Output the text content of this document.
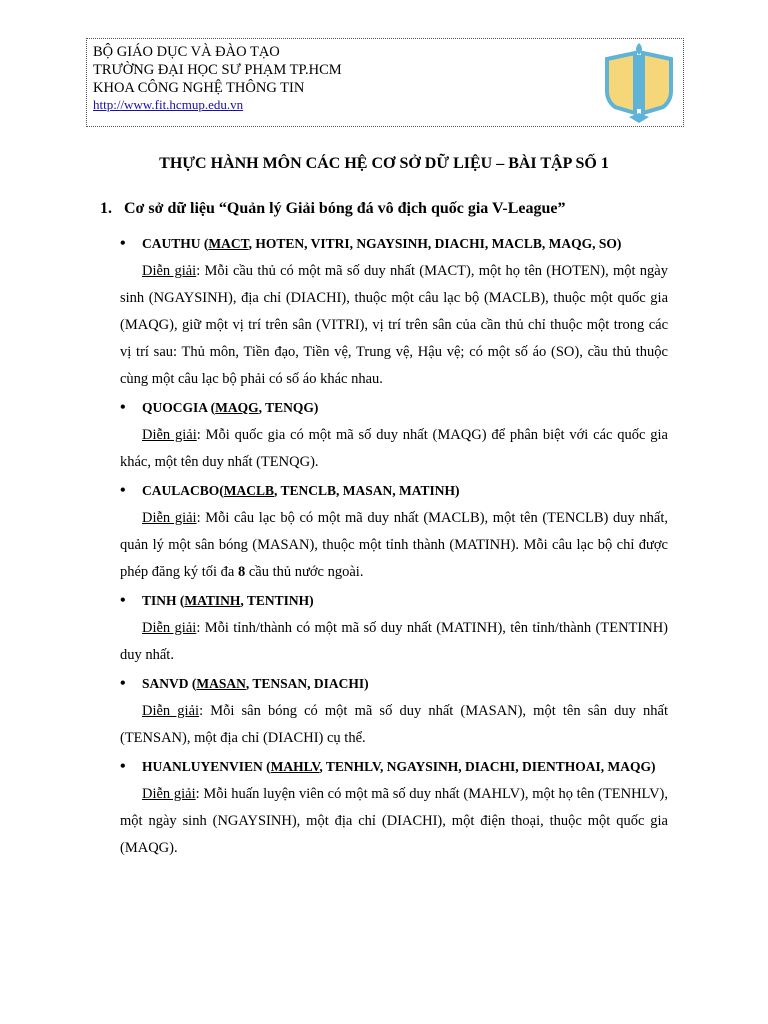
BỘ GIÁO DỤC VÀ ĐÀO TẠO
TRƯỜNG ĐẠI HỌC SƯ PHẠM TP.HCM
KHOA CÔNG NGHỆ THÔNG TIN
http://www.fit.hcmup.edu.vn
THỰC HÀNH MÔN CÁC HỆ CƠ SỞ DỮ LIỆU – BÀI TẬP SỐ 1
1. Cơ sở dữ liệu “Quản lý Giải bóng đá vô địch quốc gia V-League”
• CAUTHU (MACT, HOTEN, VITRI, NGAYSINH, DIACHI, MACLB, MAQG, SO)
Diễn giải: Mỗi cầu thủ có một mã số duy nhất (MACT), một họ tên (HOTEN), một ngày sinh (NGAYSINH), địa chỉ (DIACHI), thuộc một câu lạc bộ (MACLB), thuộc một quốc gia (MAQG), giữ một vị trí trên sân (VITRI), vị trí trên sân của cần thủ chỉ thuộc một trong các vị trí sau: Thủ môn, Tiền đạo, Tiền vệ, Trung vệ, Hậu vệ; có một số áo (SO), cầu thủ thuộc cùng một câu lạc bộ phải có số áo khác nhau.
• QUOCGIA (MAQG, TENQG)
Diễn giải: Mỗi quốc gia có một mã số duy nhất (MAQG) để phân biệt với các quốc gia khác, một tên duy nhất (TENQG).
• CAULACBO(MACLB, TENCLB, MASAN, MATINH)
Diễn giải: Mỗi câu lạc bộ có một mã duy nhất (MACLB), một tên (TENCLB) duy nhất, quản lý một sân bóng (MASAN), thuộc một tỉnh thành (MATINH). Mỗi câu lạc bộ chỉ được phép đăng ký tối đa 8 cầu thủ nước ngoài.
• TINH (MATINH, TENTINH)
Diễn giải: Mỗi tỉnh/thành có một mã số duy nhất (MATINH), tên tỉnh/thành (TENTINH) duy nhất.
• SANVD (MASAN, TENSAN, DIACHI)
Diễn giải: Mỗi sân bóng có một mã số duy nhất (MASAN), một tên sân duy nhất (TENSAN), một địa chỉ (DIACHI) cụ thể.
• HUANLUYENVIEN (MAHLV, TENHLV, NGAYSINH, DIACHI, DIENTHOAI, MAQG)
Diễn giải: Mỗi huấn luyện viên có một mã số duy nhất (MAHLV), một họ tên (TENHLV), một ngày sinh (NGAYSINH), một địa chỉ (DIACHI), một điện thoại, thuộc một quốc gia (MAQG).
